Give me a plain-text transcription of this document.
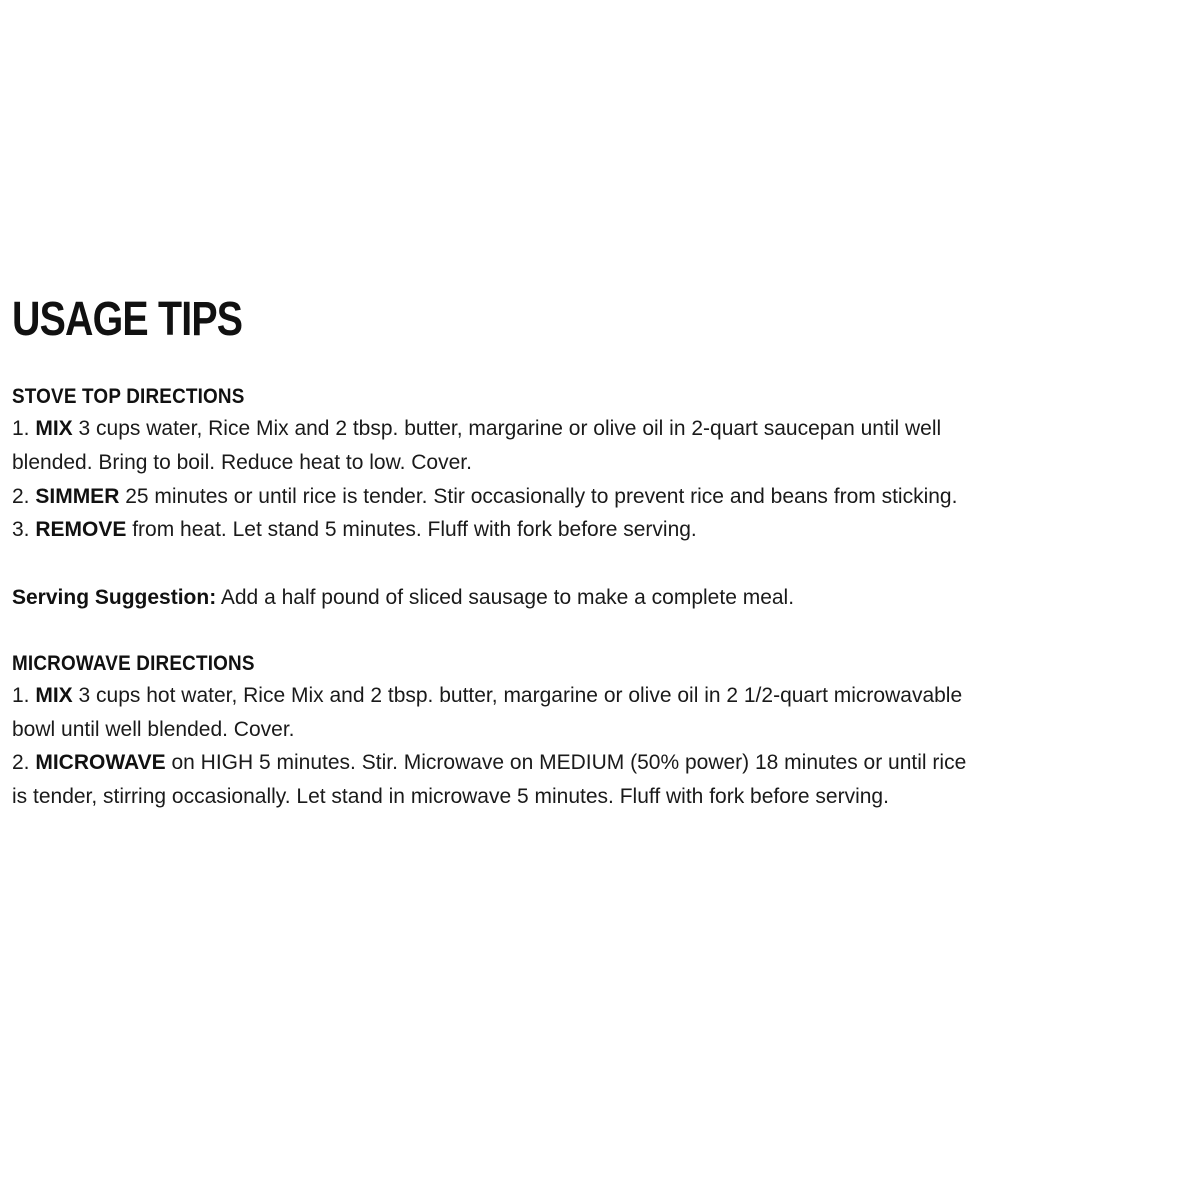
USAGE TIPS
STOVE TOP DIRECTIONS

1. MIX 3 cups water, Rice Mix and 2 tbsp. butter, margarine or olive oil in 2-quart saucepan until well blended. Bring to boil. Reduce heat to low. Cover.

2. SIMMER 25 minutes or until rice is tender. Stir occasionally to prevent rice and beans from sticking.

3. REMOVE from heat. Let stand 5 minutes. Fluff with fork before serving.

Serving Suggestion: Add a half pound of sliced sausage to make a complete meal.

MICROWAVE DIRECTIONS

1. MIX 3 cups hot water, Rice Mix and 2 tbsp. butter, margarine or olive oil in 2 1/2-quart microwavable bowl until well blended. Cover.

2. MICROWAVE on HIGH 5 minutes. Stir. Microwave on MEDIUM (50% power) 18 minutes or until rice is tender, stirring occasionally. Let stand in microwave 5 minutes. Fluff with fork before serving.
